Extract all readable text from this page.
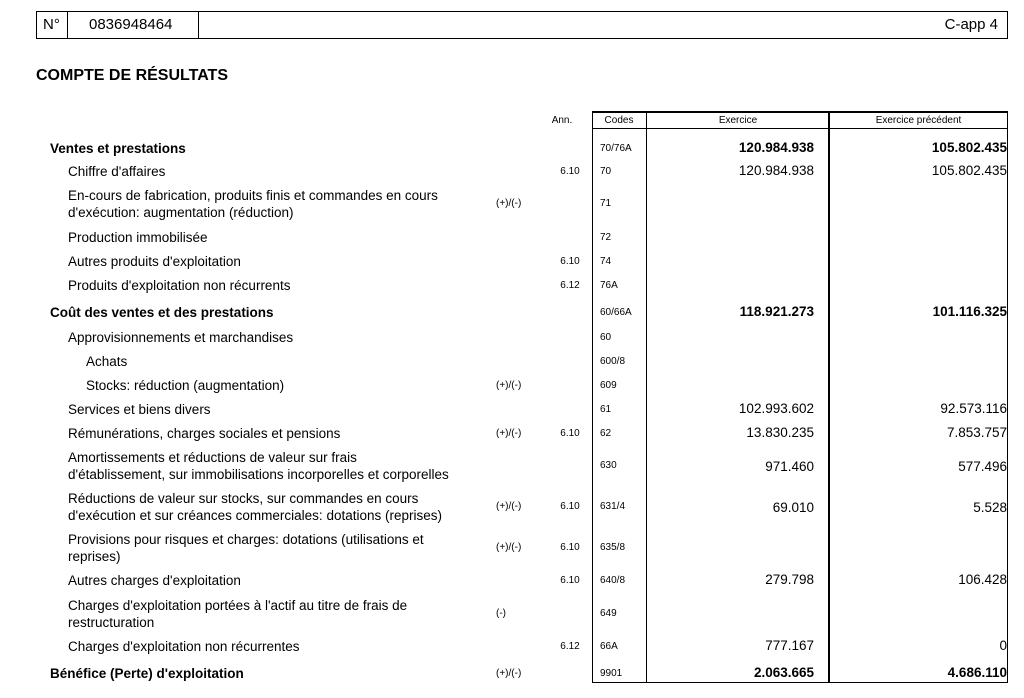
N° 0836948464	C-app 4
COMPTE DE RÉSULTATS
Ann.	Codes	Exercice	Exercice précédent
Ventes et prestations	70/76A	120.984.938	105.802.435
Chiffre d'affaires	6.10	70	120.984.938	105.802.435
En-cours de fabrication, produits finis et commandes en cours
d'exécution: augmentation (réduction)
(+)/(-)	71
Production immobilisée	72
Autres produits d'exploitation	6.10	74
Produits d'exploitation non récurrents	6.12	76A
Coût des ventes et des prestations	60/66A	118.921.273	101.116.325
Approvisionnements et marchandises	60
Achats	600/8
Stocks: réduction (augmentation)	(+)/(-)	609
Services et biens divers	61	102.993.602	92.573.116
Rémunérations, charges sociales et pensions	(+)/(-)	6.10	62	13.830.235	7.853.757
Amortissements et réductions de valeur sur frais
d'établissement, sur immobilisations incorporelles et corporelles
630	971.460	577.496
Réductions de valeur sur stocks, sur commandes en cours
d'exécution et sur créances commerciales: dotations (reprises)
(+)/(-)	6.10	631/4	69.010	5.528
Provisions pour risques et charges: dotations (utilisations et
reprises)
(+)/(-)	6.10	635/8
Autres charges d'exploitation	6.10	640/8	279.798	106.428
Charges d'exploitation portées à l'actif au titre de frais de
restructuration
(-)	649
Charges d'exploitation non récurrentes	6.12	66A	777.167	0
Bénéfice (Perte) d'exploitation	(+)/(-)	9901	2.063.665	4.686.110
